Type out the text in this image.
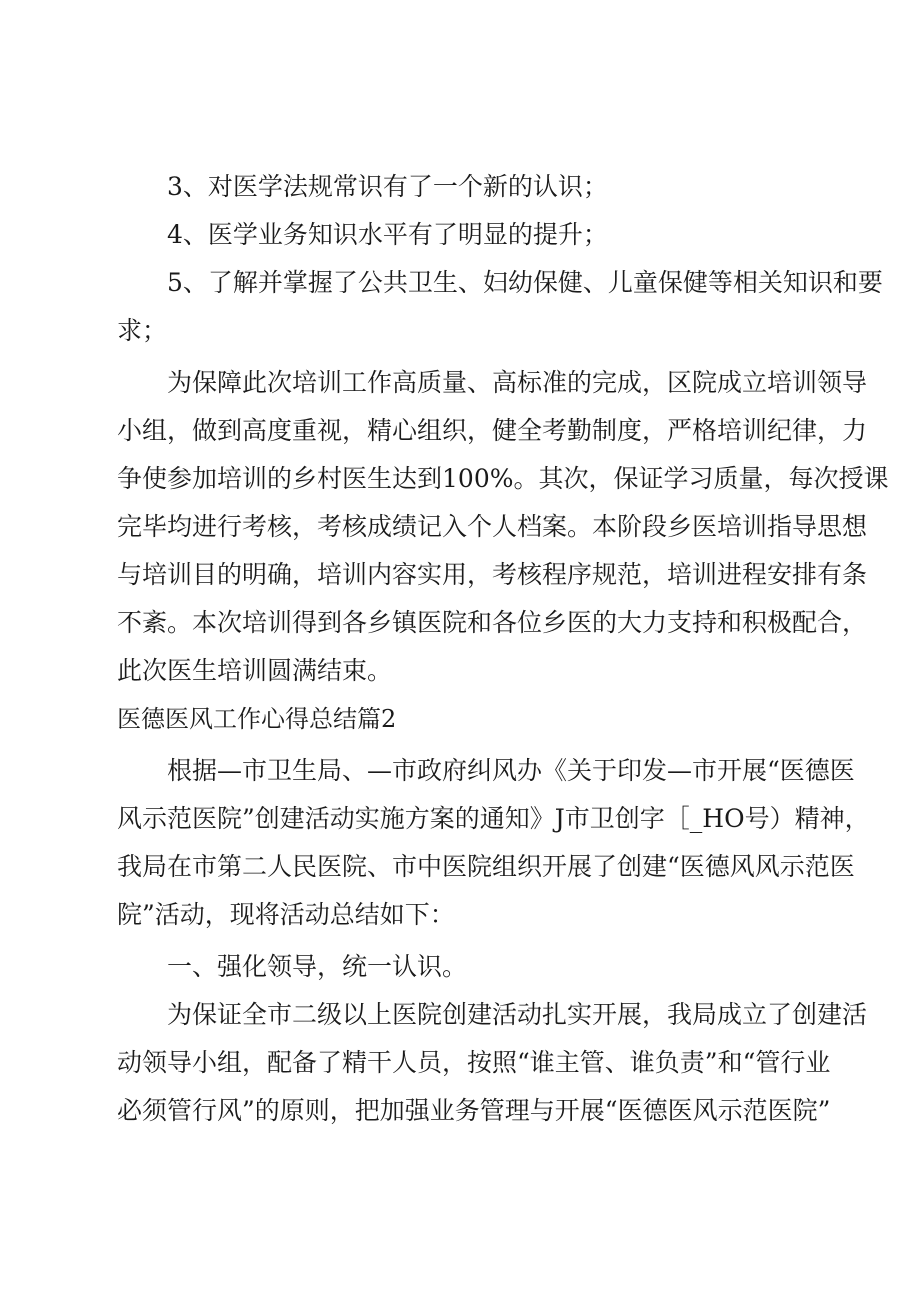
3、对医学法规常识有了一个新的认识；

4、医学业务知识水平有了明显的提升；

5、了解并掌握了公共卫生、妇幼保健、儿童保健等相关知识和要

求；

为保障此次培训工作高质量、高标准的完成，区院成立培训领导

小组，做到高度重视，精心组织，健全考勤制度，严格培训纪律，力

争使参加培训的乡村医生达到100%。其次，保证学习质量，每次授课

完毕均进行考核，考核成绩记入个人档案。本阶段乡医培训指导思想

与培训目的明确，培训内容实用，考核程序规范，培训进程安排有条

不紊。本次培训得到各乡镇医院和各位乡医的大力支持和积极配合，

此次医生培训圆满结束。

医德医风工作心得总结篇2

根据—市卫生局、—市政府纠风办《关于印发—市开展“医德医

风示范医院”创建活动实施方案的通知》J市卫创字［_HO号）精神，

我局在市第二人民医院、市中医院组织开展了创建“医德风风示范医

院”活动，现将活动总结如下：

一、强化领导，统一认识。

为保证全市二级以上医院创建活动扎实开展，我局成立了创建活

动领导小组，配备了精干人员，按照“谁主管、谁负责”和“管行业

必须管行风”的原则，把加强业务管理与开展“医德医风示范医院”
